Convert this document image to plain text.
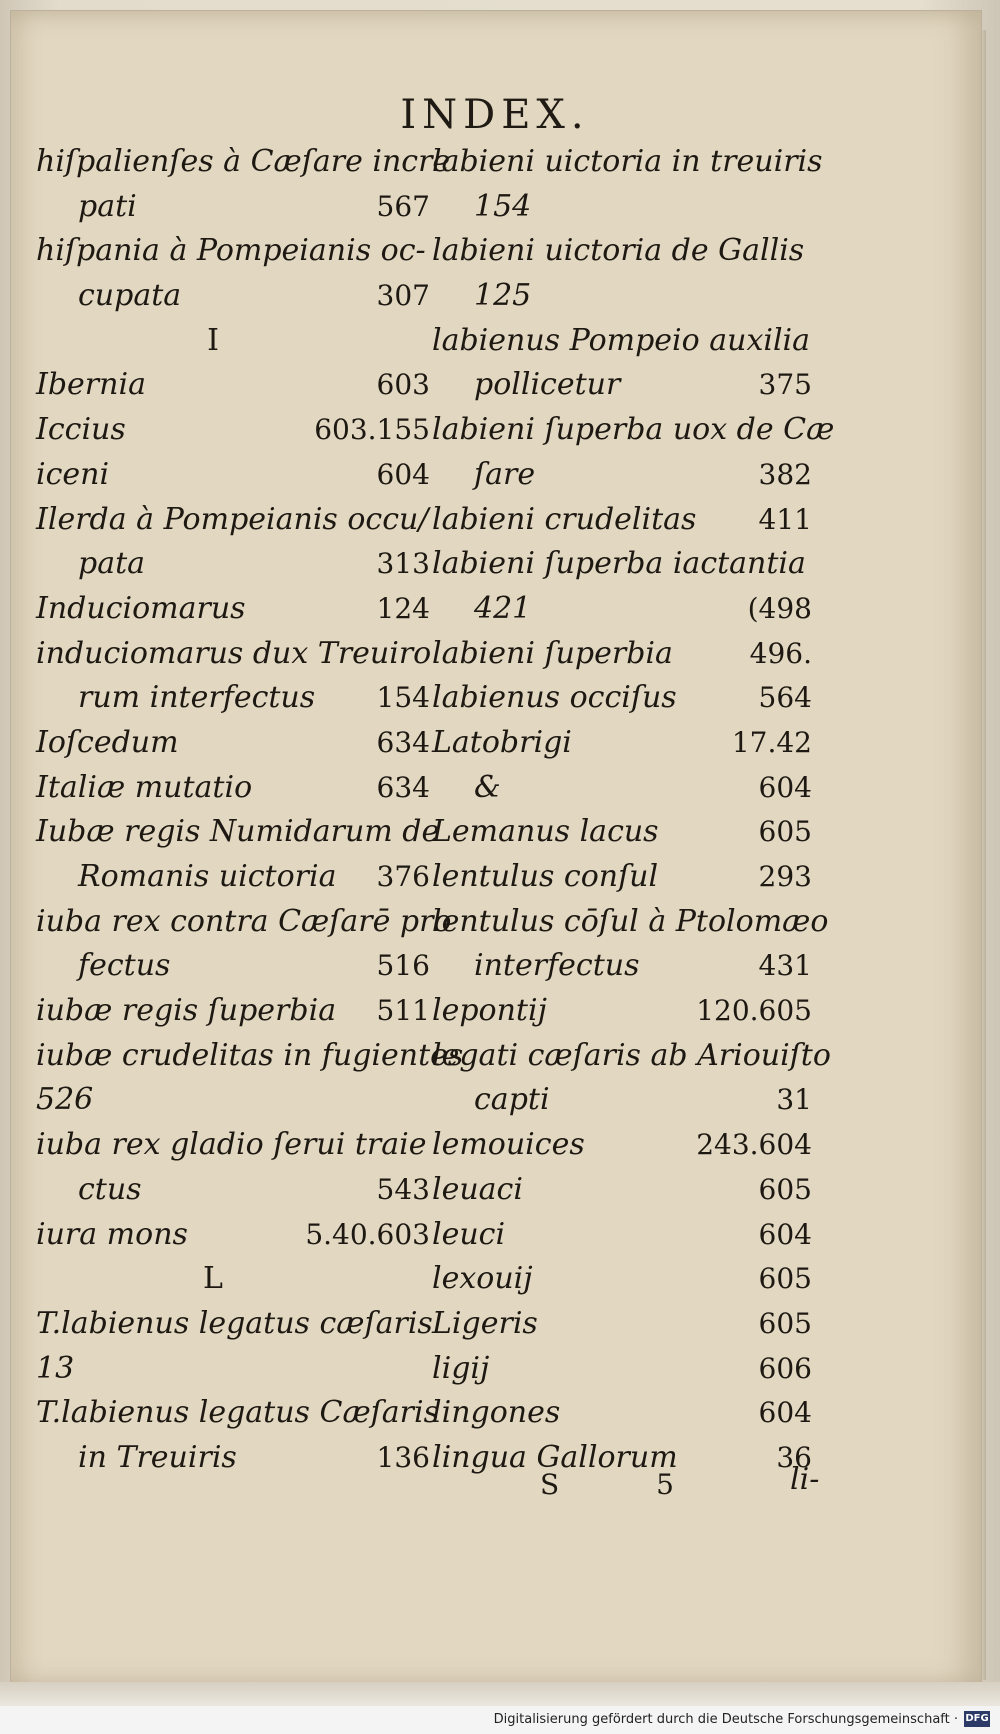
INDEX.
hiſpalienſes à Cæſare incre
pati	567
hiſpania à Pompeianis oc-
cupata	307
I
Ibernia	603
Iccius	603.155
iceni	604
Ilerda à Pompeianis occu/
pata	313
Induciomarus	124
induciomarus dux Treuiro
rum interfectus 154
Ioſcedum	634
Italiæ mutatio	634
Iubæ regis Numidarum de
Romanis uictoria 376
iuba rex contra Cæſarē pro
fectus	516
iubæ regis ſuperbia 511
iubæ crudelitas in fugientes
526
iuba rex gladio ſerui traie
ctus	543
iura mons	5.40.603
L
T.labienus legatus cæſaris
13
T.labienus legatus Cæſaris
in Treuiris	136
labieni uictoria in treuiris
154
labieni uictoria de Gallis
125
labienus Pompeio auxilia
pollicetur	375
labieni ſuperba uox de Cæ
ſare	382
labieni crudelitas 411
labieni ſuperba iactantia
421	(498
labieni ſuperbia	496.
labienus occiſus	564
Latobrigi	17.42
&	604
Lemanus lacus	605
lentulus conſul	293
lentulus cōſul à Ptolomæo
interfectus	431
lepontij	120.605
legati cæſaris ab Ariouiſto
capti	31
lemouices	243.604
leuaci	605
leuci	604
lexouij	605
Ligeris	605
ligij	606
lingones	604
lingua Gallorum	36
S 5 li-
Digitalisierung gefördert durch die Deutsche Forschungsgemeinschaft · DFG
